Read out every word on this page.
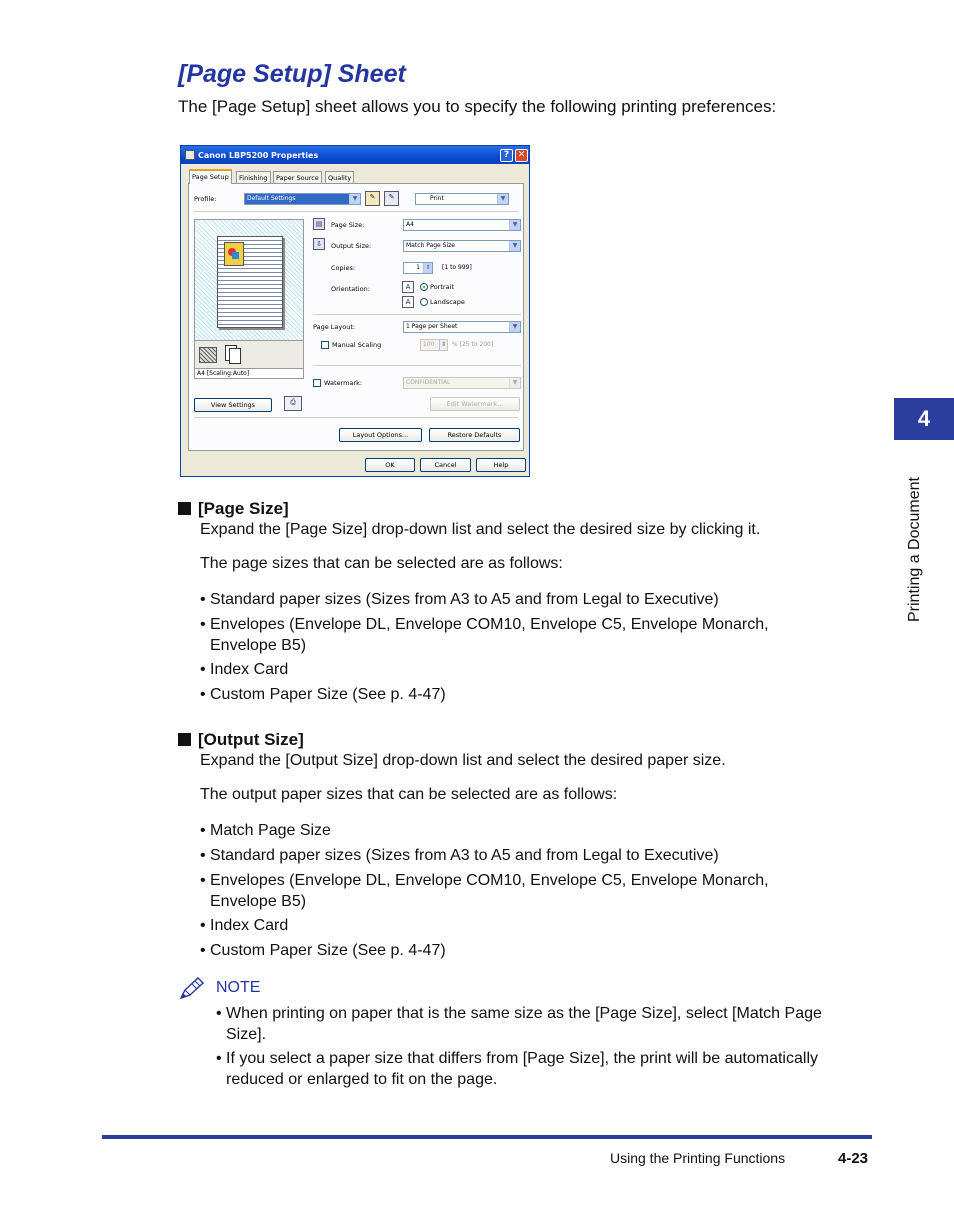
[Page Setup] Sheet
The [Page Setup] sheet allows you to specify the following printing preferences:
Canon LBP5200 Properties	? ✕
Page Setup	Finishing	Paper Source	Quality
Profile:	Default Settings	▼	✎	✎	Print	▼
A4 [Scaling:Auto]
▤	Page Size:	A4	▼
⇩	Output Size:	Match Page Size	▼
Copies:	1 ⇕ [1 to 999]
Orientation:	A	Portrait
A	Landscape
Page Layout:	1 Page per Sheet	▼
Manual Scaling	100	⇕ % [25 to 200]
Watermark:	CONFIDENTIAL	▼
Edit Watermark...
View Settings	⎙
Layout Options...	Restore Defaults
OK	Cancel	Help
[Page Size]
Expand the [Page Size] drop-down list and select the desired size by clicking it.
The page sizes that can be selected are as follows:
• Standard paper sizes (Sizes from A3 to A5 and from Legal to Executive)
• Envelopes (Envelope DL, Envelope COM10, Envelope C5, Envelope Monarch, Envelope B5)
• Index Card
• Custom Paper Size (See p. 4-47)
[Output Size]
Expand the [Output Size] drop-down list and select the desired paper size.
The output paper sizes that can be selected are as follows:
• Match Page Size
• Standard paper sizes (Sizes from A3 to A5 and from Legal to Executive)
• Envelopes (Envelope DL, Envelope COM10, Envelope C5, Envelope Monarch, Envelope B5)
• Index Card
• Custom Paper Size (See p. 4-47)
NOTE
• When printing on paper that is the same size as the [Page Size], select [Match Page Size].
• If you select a paper size that differs from [Page Size], the print will be automatically reduced or enlarged to fit on the page.
4
Printing a Document
Using the Printing Functions	4-23
